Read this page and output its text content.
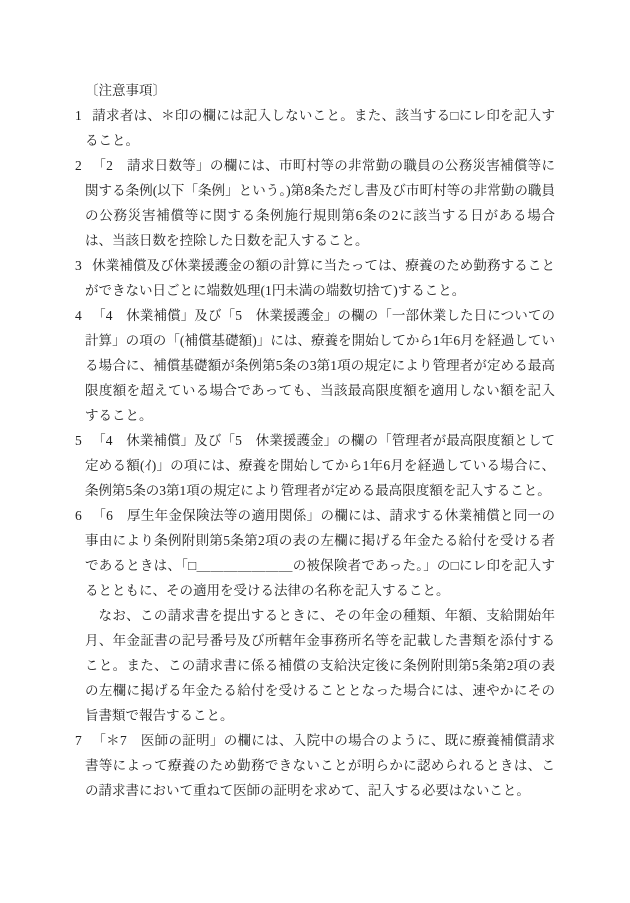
〔注意事項〕

1 請求者は、＊印の欄には記入しないこと。また、該当する□にレ印を記入すること。

2 「2　請求日数等」の欄には、市町村等の非常勤の職員の公務災害補償等に関する条例(以下「条例」という。)第8条ただし書及び市町村等の非常勤の職員の公務災害補償等に関する条例施行規則第6条の2に該当する日がある場合は、当該日数を控除した日数を記入すること。

3 休業補償及び休業援護金の額の計算に当たっては、療養のため勤務することができない日ごとに端数処理(1円未満の端数切捨て)すること。

4 「4　休業補償」及び「5　休業援護金」の欄の「一部休業した日についての計算」の項の「(補償基礎額)」には、療養を開始してから1年6月を経過している場合に、補償基礎額が条例第5条の3第1項の規定により管理者が定める最高限度額を超えている場合であっても、当該最高限度額を適用しない額を記入すること。

5 「4　休業補償」及び「5　休業援護金」の欄の「管理者が最高限度額として定める額(ｲ)」の項には、療養を開始してから1年6月を経過している場合に、条例第5条の3第1項の規定により管理者が定める最高限度額を記入すること。

6 「6　厚生年金保険法等の適用関係」の欄には、請求する休業補償と同一の事由により条例附則第5条第2項の表の左欄に掲げる年金たる給付を受ける者であるときは、「□＿＿＿＿＿＿＿の被保険者であった。」の□にレ印を記入するとともに、その適用を受ける法律の名称を記入すること。

なお、この請求書を提出するときに、その年金の種類、年額、支給開始年月、年金証書の記号番号及び所轄年金事務所名等を記載した書類を添付すること。また、この請求書に係る補償の支給決定後に条例附則第5条第2項の表の左欄に掲げる年金たる給付を受けることとなった場合には、速やかにその旨書類で報告すること。

7 「＊7　医師の証明」の欄には、入院中の場合のように、既に療養補償請求書等によって療養のため勤務できないことが明らかに認められるときは、この請求書において重ねて医師の証明を求めて、記入する必要はないこと。
